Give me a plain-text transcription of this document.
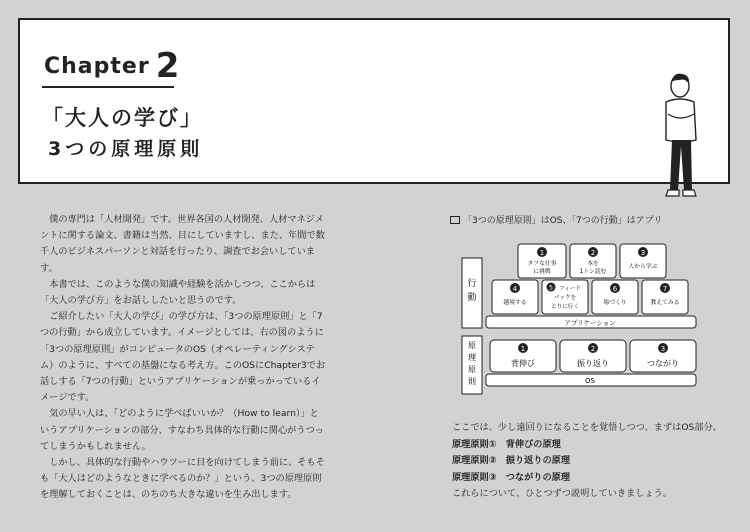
Chapter 2
「大人の学び」
3つの原理原則

僕の専門は「人材開発」です。世界各国の人材開発、人材マネジメントに関する論文、書籍は当然、目にしていますし、また、年間で数千人のビジネスパーソンと対話を行ったり、調査でお会いしています。

本書では、このような僕の知識や経験を活かしつつ、ここからは「大人の学び方」をお話ししたいと思うのです。

ご紹介したい「大人の学び」の学び方は、「3つの原理原則」と「7つの行動」から成立しています。イメージとしては、右の図のように「3つの原理原則」がコンピュータのOS（オペレーティングシステム）のように、すべての基盤になる考え方。このOSにChapter3でお話しする「7つの行動」というアプリケーションが乗っかっているイメージです。

気の早い人は、「どのように学べばいいか？（How to learn）」というアプリケーションの部分、すなわち具体的な行動に関心がうつってしまうかもしれません。

しかし、具体的な行動やハウツーに目を向けてしまう前に、そもそも「大人はどのようなときに学べるのか？」という、3つの原理原則を理解しておくことは、のちのち大きな違いを生み出します。

「3つの原理原則」はOS、「7つの行動」はアプリ
行
動
1
タフな仕事
に挑戦
2
本を
1トン読む
3
人から学ぶ
4
越境する
5 フィード
バックを
とりに行く
6
場づくり
7
教えてみる
アプリケーション
原
理
原
則
1
背伸び
2
振り返り
3
つながり
OS
ここでは、少し遠回りになることを覚悟しつつ、まずはOS部分、
原理原則①　背伸びの原理
原理原則②　振り返りの原理
原理原則③　つながりの原理
これらについて、ひとつずつ説明していきましょう。
